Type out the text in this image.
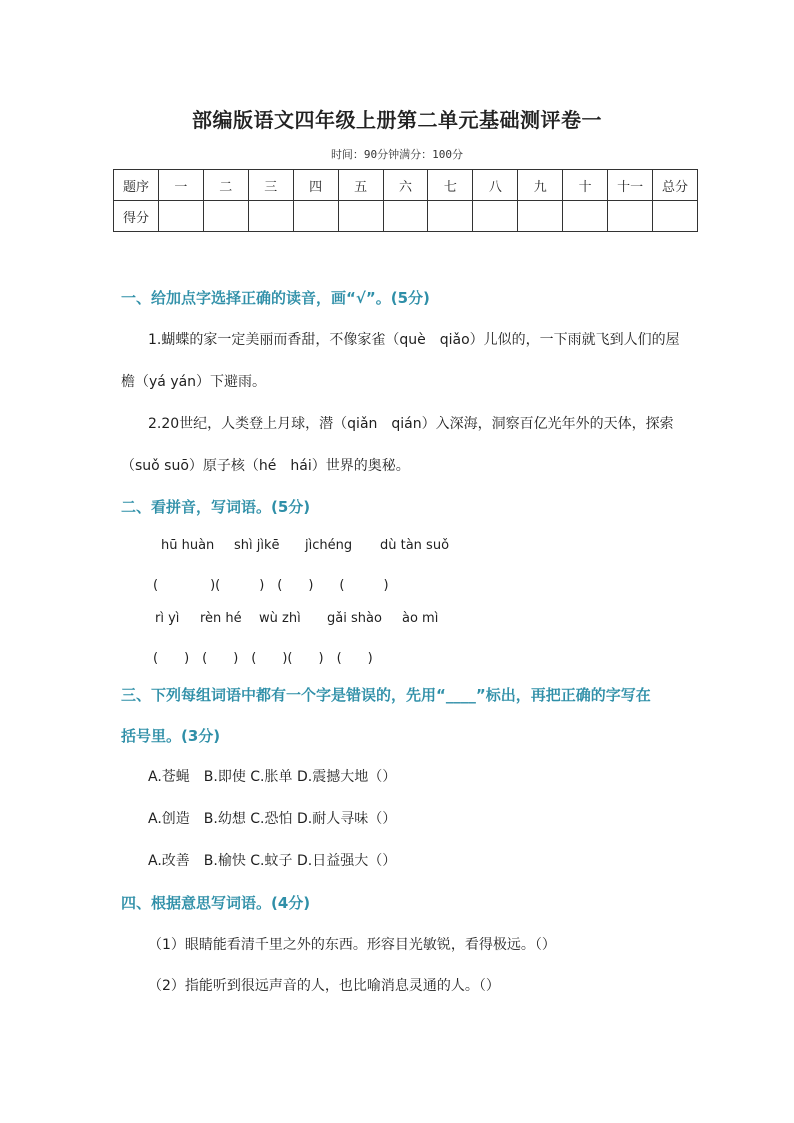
部编版语文四年级上册第二单元基础测评卷一
时间：90分钟满分：100分
题序	一	二	三	四	五	六	七	八	九	十	十一	总分
得分												
一、给加点字选择正确的读音，画“√”。(5分)
1.蝴蝶的家一定美丽而香甜，不像家雀（què　qiǎo）儿似的，一下雨就飞到人们的屋
檐（yá yán）下避雨。
2.20世纪，人类登上月球，潜（qiǎn　qián）入深海，洞察百亿光年外的天体，探索
（suǒ suō）原子核（hé　hái）世界的奥秘。
二、看拼音，写词语。(5分)
hū huàn shì jìkē jìchéng dù tàn suǒ
(　　　　)(　　　)　(　　)　　(　　　)
rì yì rèn hé wù zhì gǎi shào ào mì
(　　)　(　　)　(　　)(　　)　(　　)
三、下列每组词语中都有一个字是错误的，先用“____”标出，再把正确的字写在
括号里。(3分)
A.苍蝇　B.即使 C.胀单 D.震撼大地（）
A.创造　B.幼想 C.恐怕 D.耐人寻味（）
A.改善　B.榆快 C.蚊子 D.日益强大（）
四、根据意思写词语。(4分)
（1）眼睛能看清千里之外的东西。形容目光敏锐，看得极远。（）
（2）指能听到很远声音的人，也比喻消息灵通的人。（）
